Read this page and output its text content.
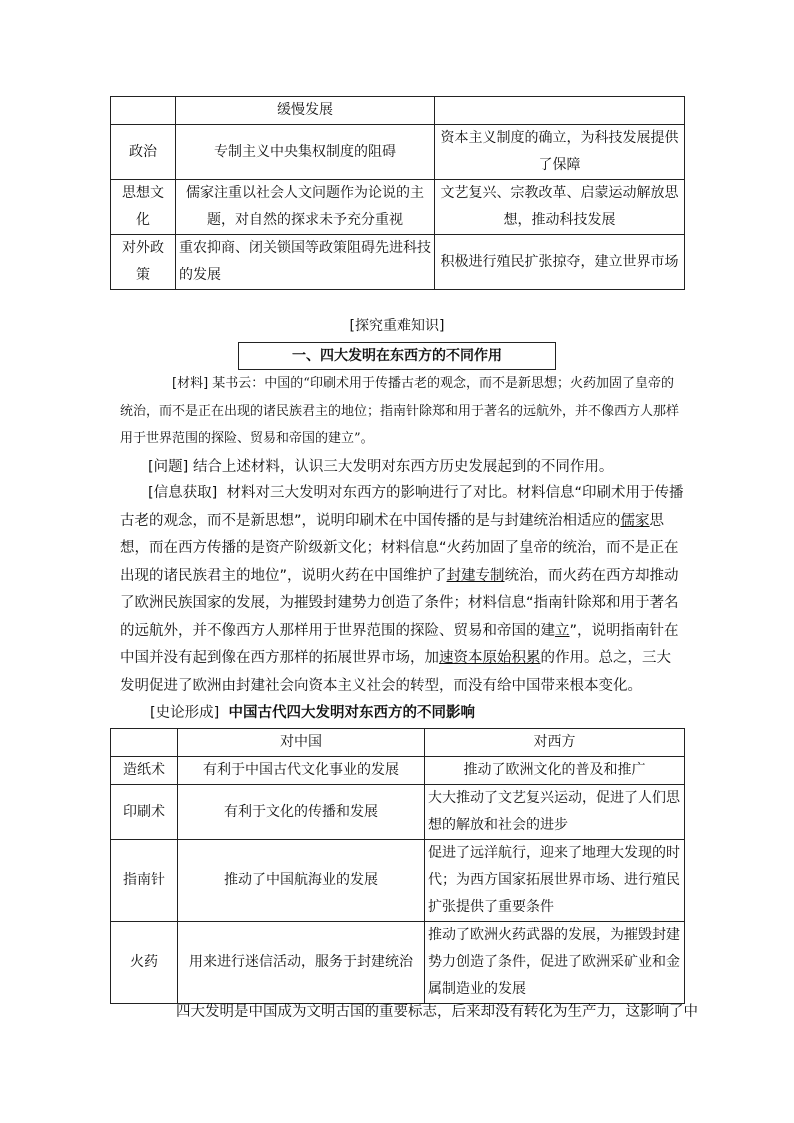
	缓慢发展	
政治	专制主义中央集权制度的阻碍	资本主义制度的确立，为科技发展提供了保障
思想文化	儒家注重以社会人文问题作为论说的主题，对自然的探求未予充分重视	文艺复兴、宗教改革、启蒙运动解放思想，推动科技发展
对外政策	重农抑商、闭关锁国等政策阻碍先进科技的发展	积极进行殖民扩张掠夺，建立世界市场
[探究重难知识]
一、四大发明在东西方的不同作用

[材料] 某书云：中国的“印刷术用于传播古老的观念，而不是新思想；火药加固了皇帝的统治，而不是正在出现的诸民族君主的地位；指南针除郑和用于著名的远航外，并不像西方人那样用于世界范围的探险、贸易和帝国的建立”。

[问题] 结合上述材料，认识三大发明对东西方历史发展起到的不同作用。

[信息获取] 材料对三大发明对东西方的影响进行了对比。材料信息“印刷术用于传播古老的观念，而不是新思想”，说明印刷术在中国传播的是与封建统治相适应的儒家思想，而在西方传播的是资产阶级新文化；材料信息“火药加固了皇帝的统治，而不是正在出现的诸民族君主的地位”，说明火药在中国维护了封建专制统治，而火药在西方却推动了欧洲民族国家的发展，为摧毁封建势力创造了条件；材料信息“指南针除郑和用于著名的远航外，并不像西方人那样用于世界范围的探险、贸易和帝国的建立”，说明指南针在中国并没有起到像在西方那样的拓展世界市场，加速资本原始积累的作用。总之，三大发明促进了欧洲由封建社会向资本主义社会的转型，而没有给中国带来根本变化。

[史论形成] 中国古代四大发明对东西方的不同影响

	对中国	对西方
造纸术	有利于中国古代文化事业的发展	推动了欧洲文化的普及和推广
印刷术	有利于文化的传播和发展	大大推动了文艺复兴运动，促进了人们思想的解放和社会的进步
指南针	推动了中国航海业的发展	促进了远洋航行，迎来了地理大发现的时代；为西方国家拓展世界市场、进行殖民扩张提供了重要条件
火药	用来进行迷信活动，服务于封建统治	推动了欧洲火药武器的发展，为摧毁封建势力创造了条件，促进了欧洲采矿业和金属制造业的发展
四大发明是中国成为文明古国的重要标志，后来却没有转化为生产力，这影响了中
